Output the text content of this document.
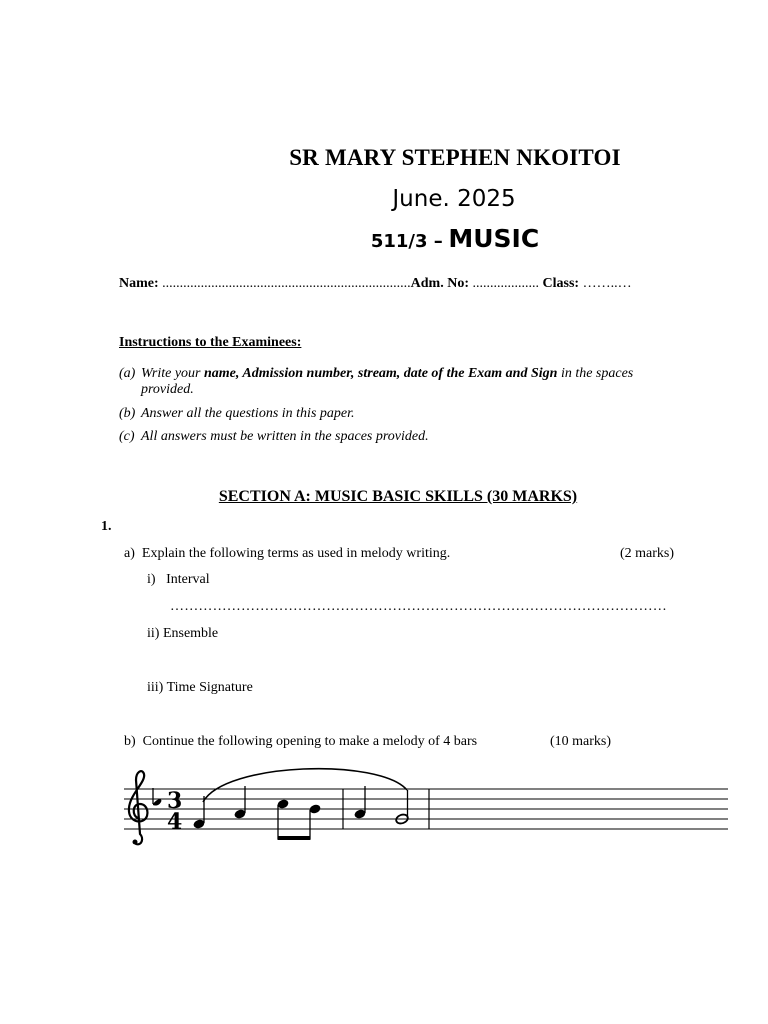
SR MARY STEPHEN NKOITOI
June. 2025
511/3 – MUSIC
Name: .......................................................................Adm. No: ................... Class: ……..…
Instructions to the Examinees:
(a) Write your name, Admission number, stream, date of the Exam and Sign in the spaces
provided.
(b) Answer all the questions in this paper.
(c) All answers must be written in the spaces provided.
SECTION A: MUSIC BASIC SKILLS (30 MARKS)
1.
a) Explain the following terms as used in melody writing.	(2 marks)
i) Interval
……………………………………………………………………………………………
ii) Ensemble
iii) Time Signature
b) Continue the following opening to make a melody of 4 bars	(10 marks)
3
4
